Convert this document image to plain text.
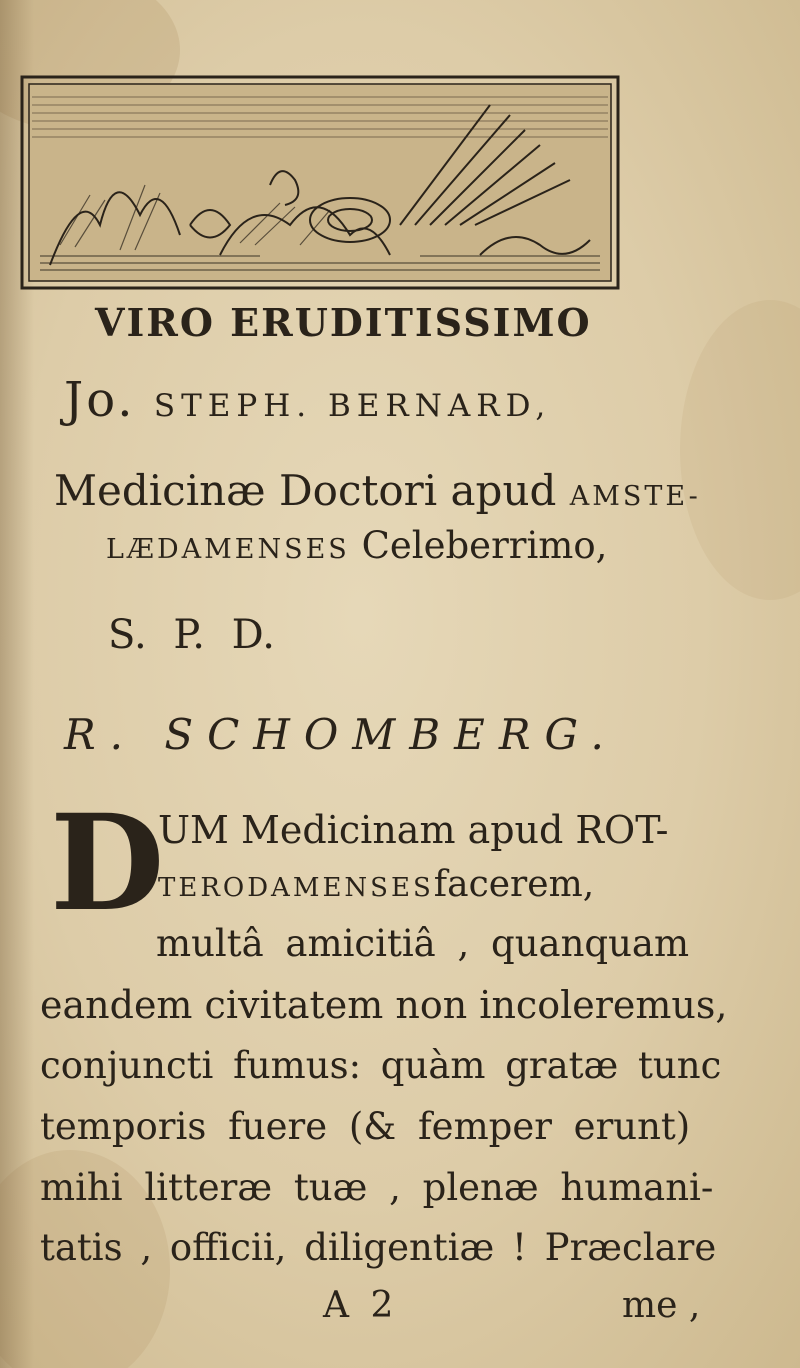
VIRO ERUDITISSIMO
Jo. STEPH. BERNARD,
Medicinæ Doctori apud AMSTE-
LÆDAMENSES Celeberrimo,
S. P. D.
R. SCHOMBERG.
D
UM Medicinam apud ROT-
TERODAMENSESfacerem,
multâ amicitiâ , quanquam
eandem civitatem non incoleremus,
conjuncti fumus: quàm gratæ tunc
temporis fuere (& femper erunt)
mihi litteræ tuæ , plenæ humani-
tatis , officii, diligentiæ ! Præclare
A 2	me ,
